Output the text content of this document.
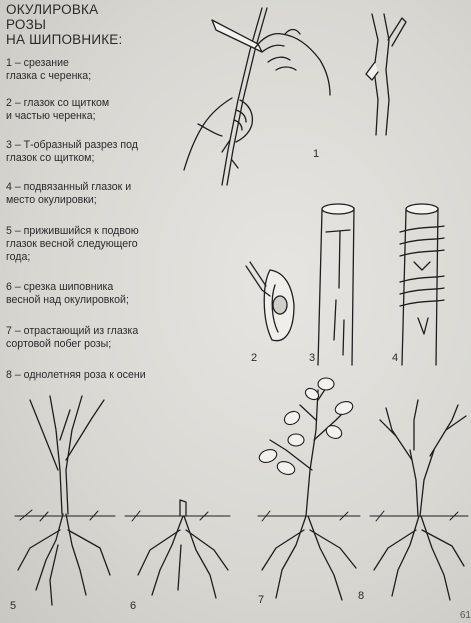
ОКУЛИРОВКА
РОЗЫ
НА ШИПОВНИКЕ:
1 – срезание
глазка с черенка;
2 – глазок со щитком
и частью черенка;
3 – Т-образный разрез под
глазок со щитком;
4 – подвязанный глазок и
место окулировки;
5 – прижившийся к подвою
глазок весной следующего
года;
6 – срезка шиповника
весной над окулировкой;
7 – отрастающий из глазка
сортовой побег розы;
8 – однолетняя роза к осени
1
2	3	4
5	6	7	8
61
